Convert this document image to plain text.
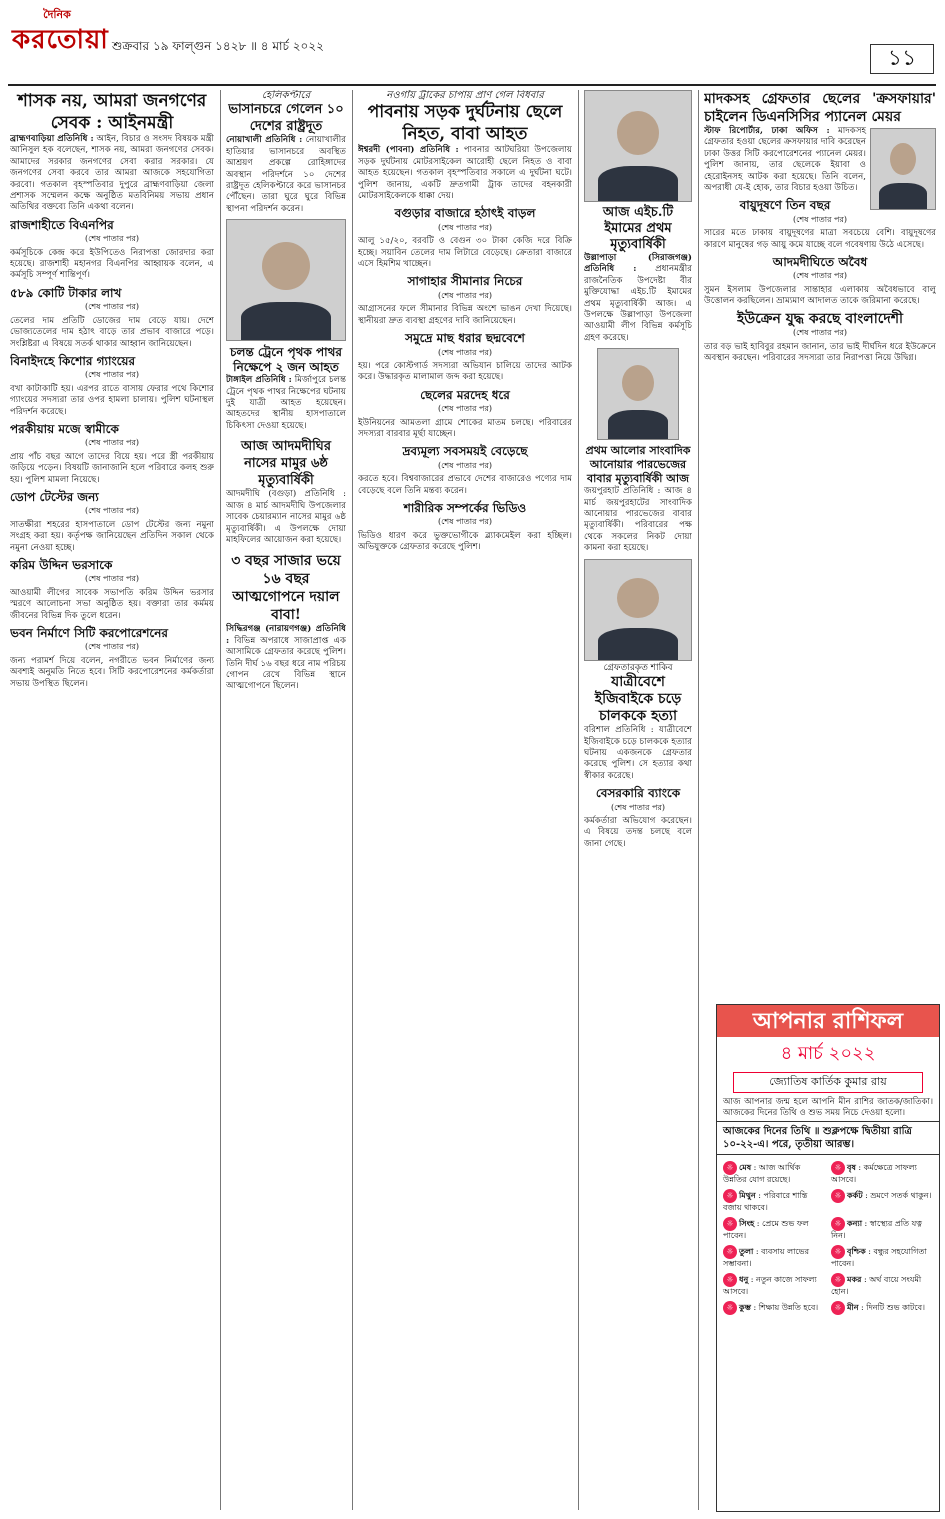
দৈনিক
করতোয়া শুক্রবার ১৯ ফাল্গুন ১৪২৮ ॥ ৪ মার্চ ২০২২	১১
শাসক নয়, আমরা জনগণের সেবক : আইনমন্ত্রী

ব্রাহ্মণবাড়িয়া প্রতিনিধি : আইন, বিচার ও সংসদ বিষয়ক মন্ত্রী আনিসুল হক বলেছেন, শাসক নয়, আমরা জনগণের সেবক। আমাদের সরকার জনগণের সেবা করার সরকার। যে জনগণের সেবা করবে তার আমরা আজকে সহযোগিতা করবো। গতকাল বৃহস্পতিবার দুপুরে ব্রাহ্মণবাড়িয়া জেলা প্রশাসক সম্মেলন কক্ষে অনুষ্ঠিত মতবিনিময় সভায় প্রধান অতিথির বক্তব্যে তিনি একথা বলেন।

রাজশাহীতে বিএনপির
(শেষ পাতার পর)

কর্মসূচিকে কেন্দ্র করে ইউপিতেও নিরাপত্তা জোরদার করা হয়েছে। রাজশাহী মহানগর বিএনপির আহ্বায়ক বলেন, এ কর্মসূচি সম্পূর্ণ শান্তিপূর্ণ।

৫৮৯ কোটি টাকার লাখ
(শেষ পাতার পর)

তেলের দাম প্রতিটি ডোজের দাম বেড়ে যায়। দেশে ভোজ্যতেলের দাম হঠাৎ বাড়ে তার প্রভাব বাজারে পড়ে। সংশ্লিষ্টরা এ বিষয়ে সতর্ক থাকার আহ্বান জানিয়েছেন।

বিনাইদহে কিশোর গ্যাংয়ের
(শেষ পাতার পর)

বখা কাটাকাটি হয়। এরপর রাতে বাসায় ফেরার পথে কিশোর গ্যাংয়ের সদস্যরা তার ওপর হামলা চালায়। পুলিশ ঘটনাস্থল পরিদর্শন করেছে।

পরকীয়ায় মজে স্বামীকে
(শেষ পাতার পর)

প্রায় পাঁচ বছর আগে তাদের বিয়ে হয়। পরে স্ত্রী পরকীয়ায় জড়িয়ে পড়েন। বিষয়টি জানাজানি হলে পরিবারে কলহ শুরু হয়। পুলিশ মামলা নিয়েছে।

ডোপ টেস্টের জন্য
(শেষ পাতার পর)

সাতক্ষীরা শহরের হাসপাতালে ডোপ টেস্টের জন্য নমুনা সংগ্রহ করা হয়। কর্তৃপক্ষ জানিয়েছেন প্রতিদিন সকাল থেকে নমুনা নেওয়া হচ্ছে।

করিম উদ্দিন ভরসাকে
(শেষ পাতার পর)

আওয়ামী লীগের সাবেক সভাপতি করিম উদ্দিন ভরসার স্মরণে আলোচনা সভা অনুষ্ঠিত হয়। বক্তারা তার কর্মময় জীবনের বিভিন্ন দিক তুলে ধরেন।

ভবন নির্মাণে সিটি করপোরেশনের
(শেষ পাতার পর)

জন্য পরামর্শ দিয়ে বলেন, নগরীতে ভবন নির্মাণের জন্য অবশ্যই অনুমতি নিতে হবে। সিটি করপোরেশনের কর্মকর্তারা সভায় উপস্থিত ছিলেন।

হেলিকপ্টারে
ভাসানচরে গেলেন ১০ দেশের রাষ্ট্রদূত

নোয়াখালী প্রতিনিধি : নোয়াখালীর হাতিয়ার ভাসানচরে অবস্থিত আশ্রয়ণ প্রকল্পে রোহিঙ্গাদের অবস্থান পরিদর্শনে ১০ দেশের রাষ্ট্রদূত হেলিকপ্টারে করে ভাসানচর পৌঁছেন। তারা ঘুরে ঘুরে বিভিন্ন স্থাপনা পরিদর্শন করেন।

চলন্ত ট্রেনে পৃথক পাথর নিক্ষেপে ২ জন আহত

টাঙ্গাইল প্রতিনিধি : মির্জাপুরে চলন্ত ট্রেনে পৃথক পাথর নিক্ষেপের ঘটনায় দুই যাত্রী আহত হয়েছেন। আহতদের স্থানীয় হাসপাতালে চিকিৎসা দেওয়া হয়েছে।

আজ আদমদীঘির নাসের মামুর ৬ষ্ঠ মৃত্যুবার্ষিকী

আদমদীঘি (বগুড়া) প্রতিনিধি : আজ ৪ মার্চ আদমদীঘি উপজেলার সাবেক চেয়ারম্যান নাসের মামুর ৬ষ্ঠ মৃত্যুবার্ষিকী। এ উপলক্ষে দোয়া মাহফিলের আয়োজন করা হয়েছে।

৩ বছর সাজার ভয়ে ১৬ বছর আত্মগোপনে দয়াল বাবা!

সিদ্ধিরগঞ্জ (নারায়ণগঞ্জ) প্রতিনিধি : বিভিন্ন অপরাধে সাজাপ্রাপ্ত এক আসামিকে গ্রেফতার করেছে পুলিশ। তিনি দীর্ঘ ১৬ বছর ধরে নাম পরিচয় গোপন রেখে বিভিন্ন স্থানে আত্মগোপনে ছিলেন।

নওগাঁয় ট্রাকের চাপায় প্রাণ গেল বিধবার
পাবনায় সড়ক দুর্ঘটনায় ছেলে নিহত, বাবা আহত

ঈশ্বরদী (পাবনা) প্রতিনিধি : পাবনার আটঘরিয়া উপজেলায় সড়ক দুর্ঘটনায় মোটরসাইকেল আরোহী ছেলে নিহত ও বাবা আহত হয়েছেন। গতকাল বৃহস্পতিবার সকালে এ দুর্ঘটনা ঘটে। পুলিশ জানায়, একটি দ্রুতগামী ট্রাক তাদের বহনকারী মোটরসাইকেলকে ধাক্কা দেয়।

বগুড়ার বাজারে হঠাৎই বাড়ল
(শেষ পাতার পর)

আলু ১৫/২০, বরবটি ও বেগুন ৩০ টাকা কেজি দরে বিক্রি হচ্ছে। সয়াবিন তেলের দাম লিটারে বেড়েছে। ক্রেতারা বাজারে এসে হিমশিম খাচ্ছেন।

সাগাহার সীমানার নিচের
(শেষ পাতার পর)

আগ্রাসনের ফলে সীমানার বিভিন্ন অংশে ভাঙন দেখা দিয়েছে। স্থানীয়রা দ্রুত ব্যবস্থা গ্রহণের দাবি জানিয়েছেন।

সমুদ্রে মাছ ধরার ছদ্মবেশে
(শেষ পাতার পর)

হয়। পরে কোস্টগার্ড সদস্যরা অভিযান চালিয়ে তাদের আটক করে। উদ্ধারকৃত মালামাল জব্দ করা হয়েছে।

ছেলের মরদেহ ধরে
(শেষ পাতার পর)

ইউনিয়নের আমতলা গ্রামে শোকের মাতম চলছে। পরিবারের সদস্যরা বারবার মূর্ছা যাচ্ছেন।

দ্রব্যমূল্য সবসময়ই বেড়েছে
(শেষ পাতার পর)

করতে হবে। বিশ্ববাজারের প্রভাবে দেশের বাজারেও পণ্যের দাম বেড়েছে বলে তিনি মন্তব্য করেন।

শারীরিক সম্পর্কের ভিডিও
(শেষ পাতার পর)

ভিডিও ধারণ করে ভুক্তভোগীকে ব্ল্যাকমেইল করা হচ্ছিল। অভিযুক্তকে গ্রেফতার করেছে পুলিশ।

আজ এইচ.টি ইমামের প্রথম মৃত্যুবার্ষিকী

উল্লাপাড়া (সিরাজগঞ্জ) প্রতিনিধি : প্রধানমন্ত্রীর রাজনৈতিক উপদেষ্টা বীর মুক্তিযোদ্ধা এইচ.টি ইমামের প্রথম মৃত্যুবার্ষিকী আজ। এ উপলক্ষে উল্লাপাড়া উপজেলা আওয়ামী লীগ বিভিন্ন কর্মসূচি গ্রহণ করেছে।

প্রথম আলোর সাংবাদিক আনোয়ার পারভেজের বাবার মৃত্যুবার্ষিকী আজ

জয়পুরহাট প্রতিনিধি : আজ ৪ মার্চ জয়পুরহাটের সাংবাদিক আনোয়ার পারভেজের বাবার মৃত্যুবার্ষিকী। পরিবারের পক্ষ থেকে সকলের নিকট দোয়া কামনা করা হয়েছে।

গ্রেফতারকৃত শাকিব
যাত্রীবেশে ইজিবাইকে চড়ে চালককে হত্যা

বরিশাল প্রতিনিধি : যাত্রীবেশে ইজিবাইকে চড়ে চালককে হত্যার ঘটনায় একজনকে গ্রেফতার করেছে পুলিশ। সে হত্যার কথা স্বীকার করেছে।

বেসরকারি ব্যাংকে
(শেষ পাতার পর)

কর্মকর্তারা অভিযোগ করেছেন। এ বিষয়ে তদন্ত চলছে বলে জানা গেছে।

মাদকসহ গ্রেফতার ছেলের 'ক্রসফায়ার' চাইলেন ডিএনসিসির প্যানেল মেয়র

স্টাফ রিপোর্টার, ঢাকা অফিস : মাদকসহ গ্রেফতার হওয়া ছেলের ক্রসফায়ার দাবি করেছেন ঢাকা উত্তর সিটি করপোরেশনের প্যানেল মেয়র। পুলিশ জানায়, তার ছেলেকে ইয়াবা ও হেরোইনসহ আটক করা হয়েছে। তিনি বলেন, অপরাধী যে-ই হোক, তার বিচার হওয়া উচিত।

বায়ুদূষণে তিন বছর
(শেষ পাতার পর)

সারের মতে ঢাকায় বায়ুদূষণের মাত্রা সবচেয়ে বেশি। বায়ুদূষণের কারণে মানুষের গড় আয়ু কমে যাচ্ছে বলে গবেষণায় উঠে এসেছে।

আদমদীঘিতে অবৈধ
(শেষ পাতার পর)

সুমন ইসলাম উপজেলার সান্তাহার এলাকায় অবৈধভাবে বালু উত্তোলন করছিলেন। ভ্রাম্যমাণ আদালত তাকে জরিমানা করেছে।

ইউক্রেন যুদ্ধ করছে বাংলাদেশী
(শেষ পাতার পর)

তার বড় ভাই হাবিবুর রহমান জানান, তার ভাই দীর্ঘদিন ধরে ইউক্রেনে অবস্থান করছেন। পরিবারের সদস্যরা তার নিরাপত্তা নিয়ে উদ্বিগ্ন।

আপনার রাশিফল
৪ মার্চ ২০২২
জ্যোতিষ কার্তিক কুমার রায়
আজ আপনার জন্ম হলে আপনি মীন রাশির জাতক/জাতিকা। আজকের দিনের তিথি ও শুভ সময় নিচে দেওয়া হলো।
আজকের দিনের তিথি ॥ শুক্লপক্ষে দ্বিতীয়া রাত্রি ১০-২২-এ। পরে, তৃতীয়া আরম্ভ।
☼ মেষ : আজ আর্থিক উন্নতির যোগ রয়েছে।
☼ বৃষ : কর্মক্ষেত্রে সাফল্য আসবে।
☼ মিথুন : পরিবারে শান্তি বজায় থাকবে।
☼ কর্কট : ভ্রমণে সতর্ক থাকুন।
☼ সিংহ : প্রেমে শুভ ফল পাবেন।
☼ কন্যা : স্বাস্থ্যের প্রতি যত্ন নিন।
☼ তুলা : ব্যবসায় লাভের সম্ভাবনা।
☼ বৃশ্চিক : বন্ধুর সহযোগিতা পাবেন।
☼ ধনু : নতুন কাজে সাফল্য আসবে।
☼ মকর : অর্থ ব্যয়ে সংযমী হোন।
☼ কুম্ভ : শিক্ষায় উন্নতি হবে।	☼ মীন : দিনটি শুভ কাটবে।
